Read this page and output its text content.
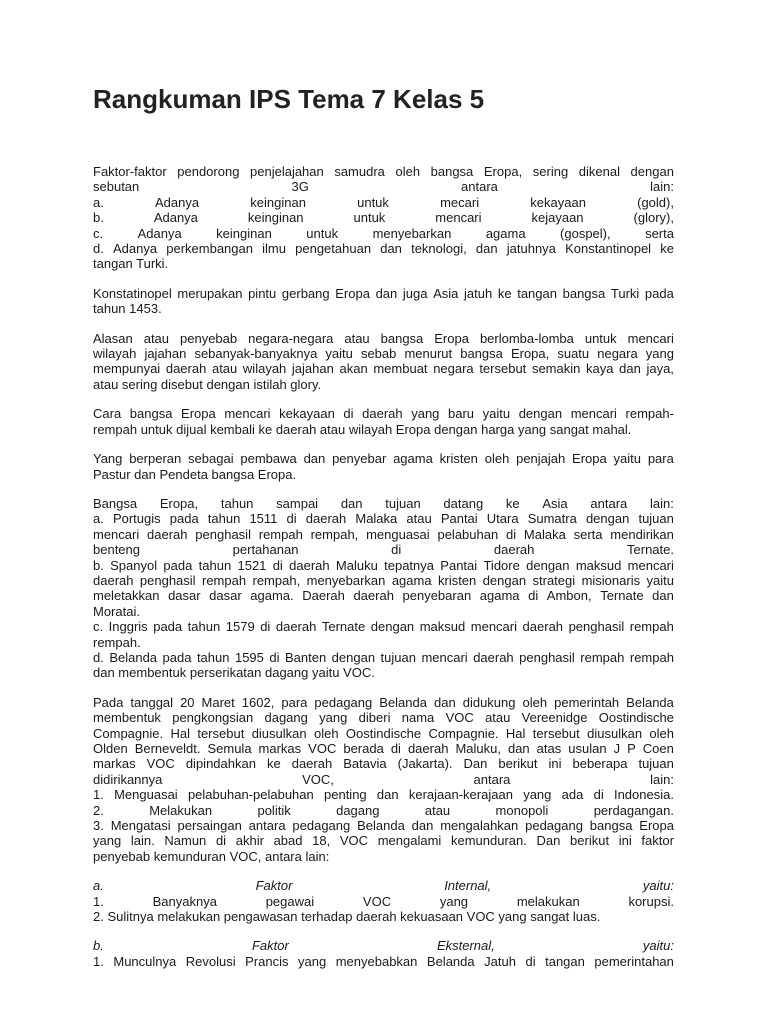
Rangkuman IPS Tema 7 Kelas 5
Faktor-faktor pendorong penjelajahan samudra oleh bangsa Eropa, sering dikenal dengan
sebutan	3G	antara	lain:
a.	Adanya	keinginan	untuk	mecari	kekayaan	(gold),
b.	Adanya	keinginan	untuk	mencari	kejayaan	(glory),
c.	Adanya	keinginan	untuk	menyebarkan	agama	(gospel),	serta
d. Adanya perkembangan ilmu pengetahuan dan teknologi, dan jatuhnya Konstantinopel ke
tangan Turki.
Konstatinopel merupakan pintu gerbang Eropa dan juga Asia jatuh ke tangan bangsa Turki pada
tahun 1453.
Alasan atau penyebab negara-negara atau bangsa Eropa berlomba-lomba untuk mencari
wilayah jajahan sebanyak-banyaknya yaitu sebab menurut bangsa Eropa, suatu negara yang
mempunyai daerah atau wilayah jajahan akan membuat negara tersebut semakin kaya dan jaya,
atau sering disebut dengan istilah glory.
Cara bangsa Eropa mencari kekayaan di daerah yang baru yaitu dengan mencari rempah-
rempah untuk dijual kembali ke daerah atau wilayah Eropa dengan harga yang sangat mahal.
Yang berperan sebagai pembawa dan penyebar agama kristen oleh penjajah Eropa yaitu para
Pastur dan Pendeta bangsa Eropa.
Bangsa Eropa, tahun sampai dan tujuan datang ke Asia antara lain:
a. Portugis pada tahun 1511 di daerah Malaka atau Pantai Utara Sumatra dengan tujuan
mencari daerah penghasil rempah rempah, menguasai pelabuhan di Malaka serta mendirikan
benteng	pertahanan	di	daerah	Ternate.
b. Spanyol pada tahun 1521 di daerah Maluku tepatnya Pantai Tidore dengan maksud mencari
daerah penghasil rempah rempah, menyebarkan agama kristen dengan strategi misionaris yaitu
meletakkan dasar dasar agama. Daerah daerah penyebaran agama di Ambon, Ternate dan
Moratai.
c. Inggris pada tahun 1579 di daerah Ternate dengan maksud mencari daerah penghasil rempah
rempah.
d. Belanda pada tahun 1595 di Banten dengan tujuan mencari daerah penghasil rempah rempah
dan membentuk perserikatan dagang yaitu VOC.
Pada tanggal 20 Maret 1602, para pedagang Belanda dan didukung oleh pemerintah Belanda
membentuk pengkongsian dagang yang diberi nama VOC atau Vereenidge Oostindische
Compagnie. Hal tersebut diusulkan oleh Oostindische Compagnie. Hal tersebut diusulkan oleh
Olden Berneveldt. Semula markas VOC berada di daerah Maluku, dan atas usulan J P Coen
markas VOC dipindahkan ke daerah Batavia (Jakarta). Dan berikut ini beberapa tujuan
didirikannya	VOC,	antara	lain:
1. Menguasai pelabuhan-pelabuhan penting dan kerajaan-kerajaan yang ada di Indonesia.
2.	Melakukan	politik	dagang	atau	monopoli	perdagangan.
3. Mengatasi persaingan antara pedagang Belanda dan mengalahkan pedagang bangsa Eropa
yang lain. Namun di akhir abad 18, VOC mengalami kemunduran. Dan berikut ini faktor
penyebab kemunduran VOC, antara lain:
a.	Faktor	Internal,	yaitu:
1.	Banyaknya	pegawai	VOC	yang	melakukan	korupsi.
2. Sulitnya melakukan pengawasan terhadap daerah kekuasaan VOC yang sangat luas.
b.	Faktor	Eksternal,	yaitu:
1. Munculnya Revolusi Prancis yang menyebabkan Belanda Jatuh di tangan pemerintahan
